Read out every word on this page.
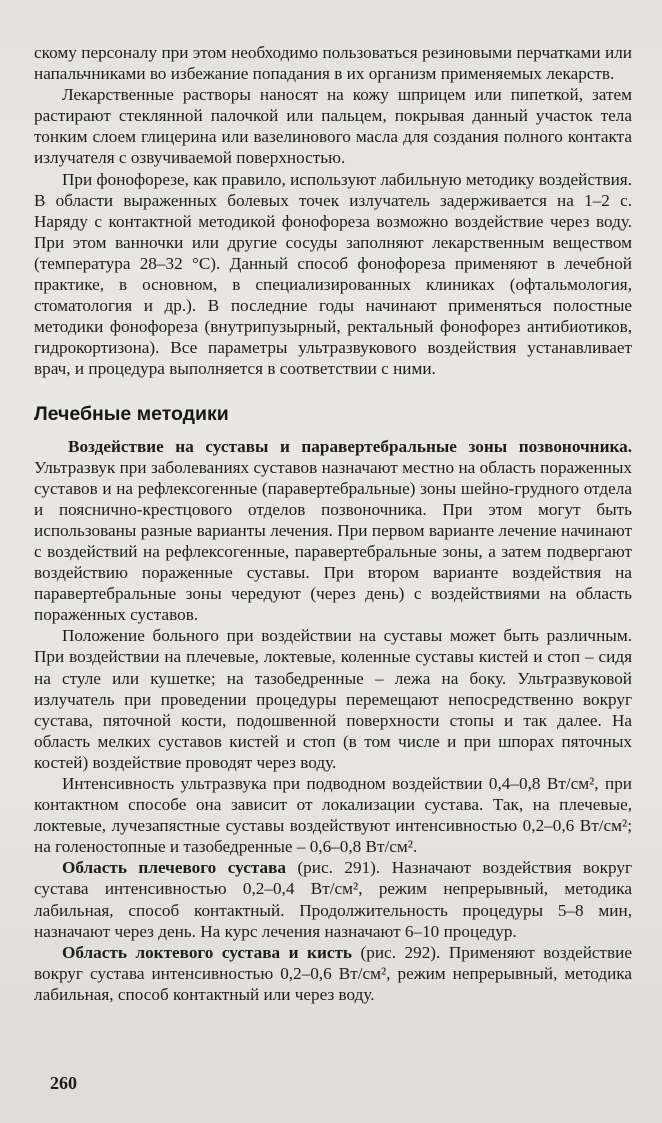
скому персоналу при этом необходимо пользоваться резиновыми перчатками или напальчниками во избежание попадания в их организм применяемых лекарств.

Лекарственные растворы наносят на кожу шприцем или пипеткой, затем растирают стеклянной палочкой или пальцем, покрывая данный участок тела тонким слоем глицерина или вазелинового масла для создания полного контакта излучателя с озвучиваемой поверхностью.

При фонофорезе, как правило, используют лабильную методику воздействия. В области выраженных болевых точек излучатель задерживается на 1–2 с. Наряду с контактной методикой фонофореза возможно воздействие через воду. При этом ванночки или другие сосуды заполняют лекарственным веществом (температура 28–32 °С). Данный способ фонофореза применяют в лечебной практике, в основном, в специализированных клиниках (офтальмология, стоматология и др.). В последние годы начинают применяться полостные методики фонофореза (внутрипузырный, ректальный фонофорез антибиотиков, гидрокортизона). Все параметры ультразвукового воздействия устанавливает врач, и процедура выполняется в соответствии с ними.

Лечебные методики

Воздействие на суставы и паравертебральные зоны позвоночника. Ультразвук при заболеваниях суставов назначают местно на область пораженных суставов и на рефлексогенные (паравертебральные) зоны шейно-грудного отдела и пояснично-крестцового отделов позвоночника. При этом могут быть использованы разные варианты лечения. При первом варианте лечение начинают с воздействий на рефлексогенные, паравертебральные зоны, а затем подвергают воздействию пораженные суставы. При втором варианте воздействия на паравертебральные зоны чередуют (через день) с воздействиями на область пораженных суставов.

Положение больного при воздействии на суставы может быть различным. При воздействии на плечевые, локтевые, коленные суставы кистей и стоп – сидя на стуле или кушетке; на тазобедренные – лежа на боку. Ультразвуковой излучатель при проведении процедуры перемещают непосредственно вокруг сустава, пяточной кости, подошвенной поверхности стопы и так далее. На область мелких суставов кистей и стоп (в том числе и при шпорах пяточных костей) воздействие проводят через воду.

Интенсивность ультразвука при подводном воздействии 0,4–0,8 Вт/см², при контактном способе она зависит от локализации сустава. Так, на плечевые, локтевые, лучезапястные суставы воздействуют интенсивностью 0,2–0,6 Вт/см²; на голеностопные и тазобедренные – 0,6–0,8 Вт/см².

Область плечевого сустава (рис. 291). Назначают воздействия вокруг сустава интенсивностью 0,2–0,4 Вт/см², режим непрерывный, методика лабильная, способ контактный. Продолжительность процедуры 5–8 мин, назначают через день. На курс лечения назначают 6–10 процедур.

Область локтевого сустава и кисть (рис. 292). Применяют воздействие вокруг сустава интенсивностью 0,2–0,6 Вт/см², режим непрерывный, методика лабильная, способ контактный или через воду.

260
